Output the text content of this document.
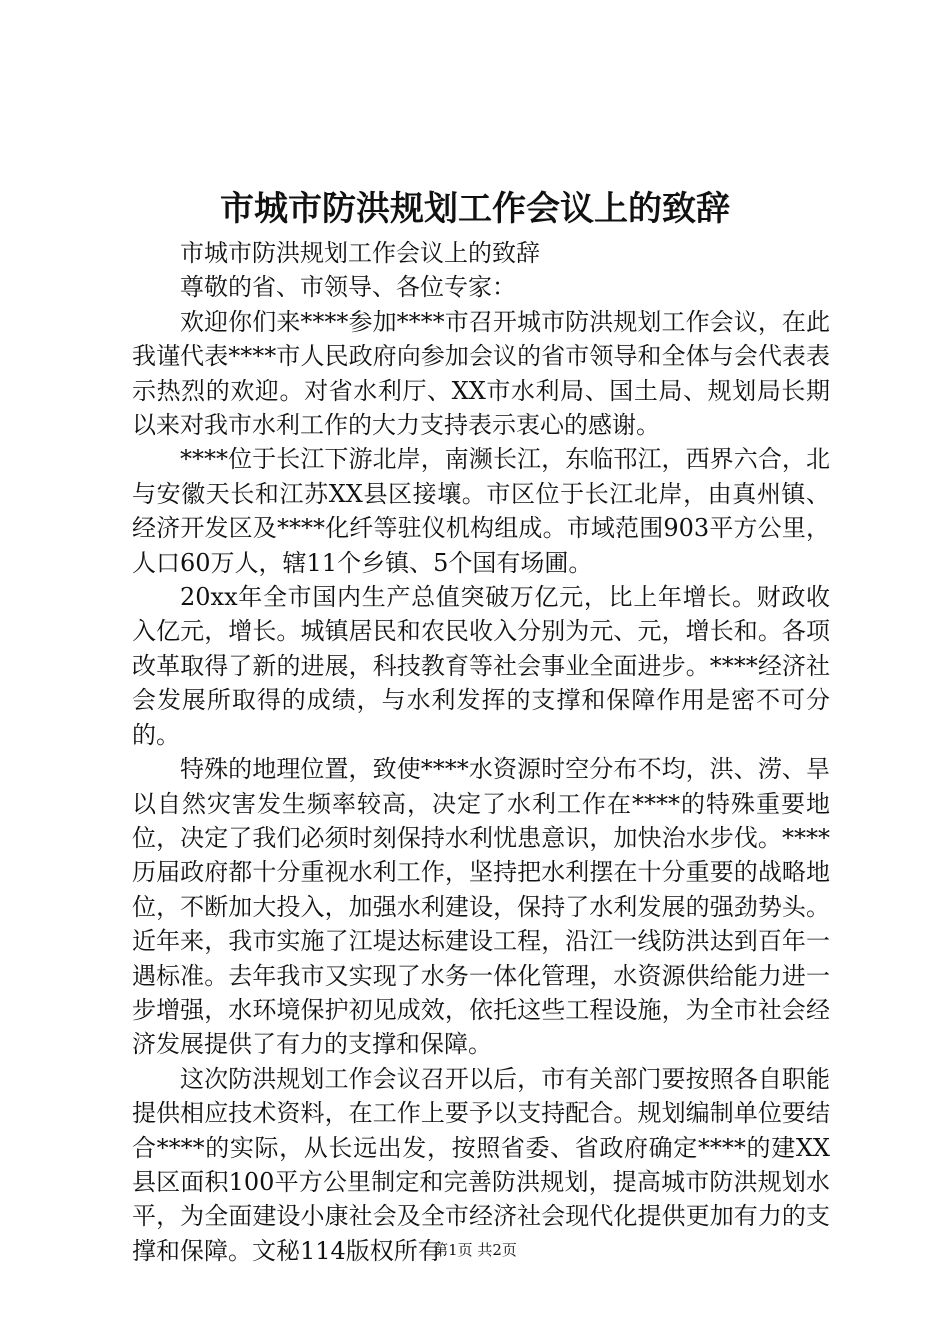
市城市防洪规划工作会议上的致辞

市城市防洪规划工作会议上的致辞

尊敬的省、市领导、各位专家：

欢迎你们来****参加****市召开城市防洪规划工作会议，在此我谨代表****市人民政府向参加会议的省市领导和全体与会代表表示热烈的欢迎。对省水利厅、XX市水利局、国土局、规划局长期以来对我市水利工作的大力支持表示衷心的感谢。

****位于长江下游北岸，南濒长江，东临邗江，西界六合，北与安徽天长和江苏XX县区接壤。市区位于长江北岸，由真州镇、经济开发区及****化纤等驻仪机构组成。市域范围903平方公里，人口60万人，辖11个乡镇、5个国有场圃。

20xx年全市国内生产总值突破万亿元，比上年增长。财政收入亿元，增长。城镇居民和农民收入分别为元、元，增长和。各项改革取得了新的进展，科技教育等社会事业全面进步。****经济社会发展所取得的成绩，与水利发挥的支撑和保障作用是密不可分的。

特殊的地理位置，致使****水资源时空分布不均，洪、涝、旱以自然灾害发生频率较高，决定了水利工作在****的特殊重要地位，决定了我们必须时刻保持水利忧患意识，加快治水步伐。****历届政府都十分重视水利工作，坚持把水利摆在十分重要的战略地位，不断加大投入，加强水利建设，保持了水利发展的强劲势头。近年来，我市实施了江堤达标建设工程，沿江一线防洪达到百年一遇标准。去年我市又实现了水务一体化管理，水资源供给能力进一步增强，水环境保护初见成效，依托这些工程设施，为全市社会经济发展提供了有力的支撑和保障。

这次防洪规划工作会议召开以后，市有关部门要按照各自职能提供相应技术资料，在工作上要予以支持配合。规划编制单位要结合****的实际，从长远出发，按照省委、省政府确定****的建XX县区面积100平方公里制定和完善防洪规划，提高城市防洪规划水平，为全面建设小康社会及全市经济社会现代化提供更加有力的支撑和保障。文秘114版权所有

第1页 共2页
